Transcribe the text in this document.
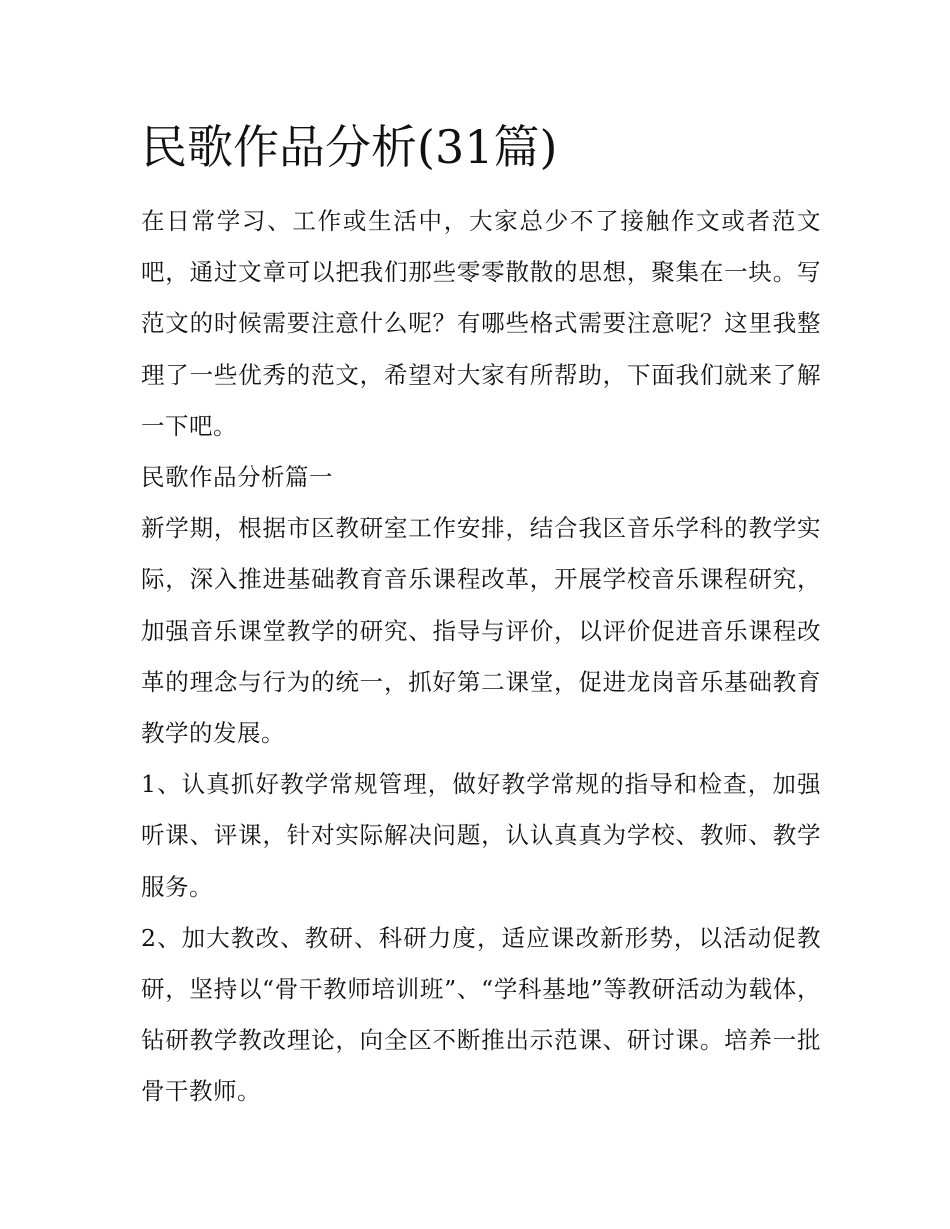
民歌作品分析(31篇)

在日常学习、工作或生活中，大家总少不了接触作文或者范文吧，通过文章可以把我们那些零零散散的思想，聚集在一块。写范文的时候需要注意什么呢？有哪些格式需要注意呢？这里我整理了一些优秀的范文，希望对大家有所帮助，下面我们就来了解一下吧。

民歌作品分析篇一

新学期，根据市区教研室工作安排，结合我区音乐学科的教学实际，深入推进基础教育音乐课程改革，开展学校音乐课程研究，加强音乐课堂教学的研究、指导与评价，以评价促进音乐课程改革的理念与行为的统一，抓好第二课堂，促进龙岗音乐基础教育教学的发展。

1、认真抓好教学常规管理，做好教学常规的指导和检查，加强听课、评课，针对实际解决问题，认认真真为学校、教师、教学服务。

2、加大教改、教研、科研力度，适应课改新形势，以活动促教研，坚持以“骨干教师培训班”、“学科基地”等教研活动为载体，钻研教学教改理论，向全区不断推出示范课、研讨课。培养一批骨干教师。
